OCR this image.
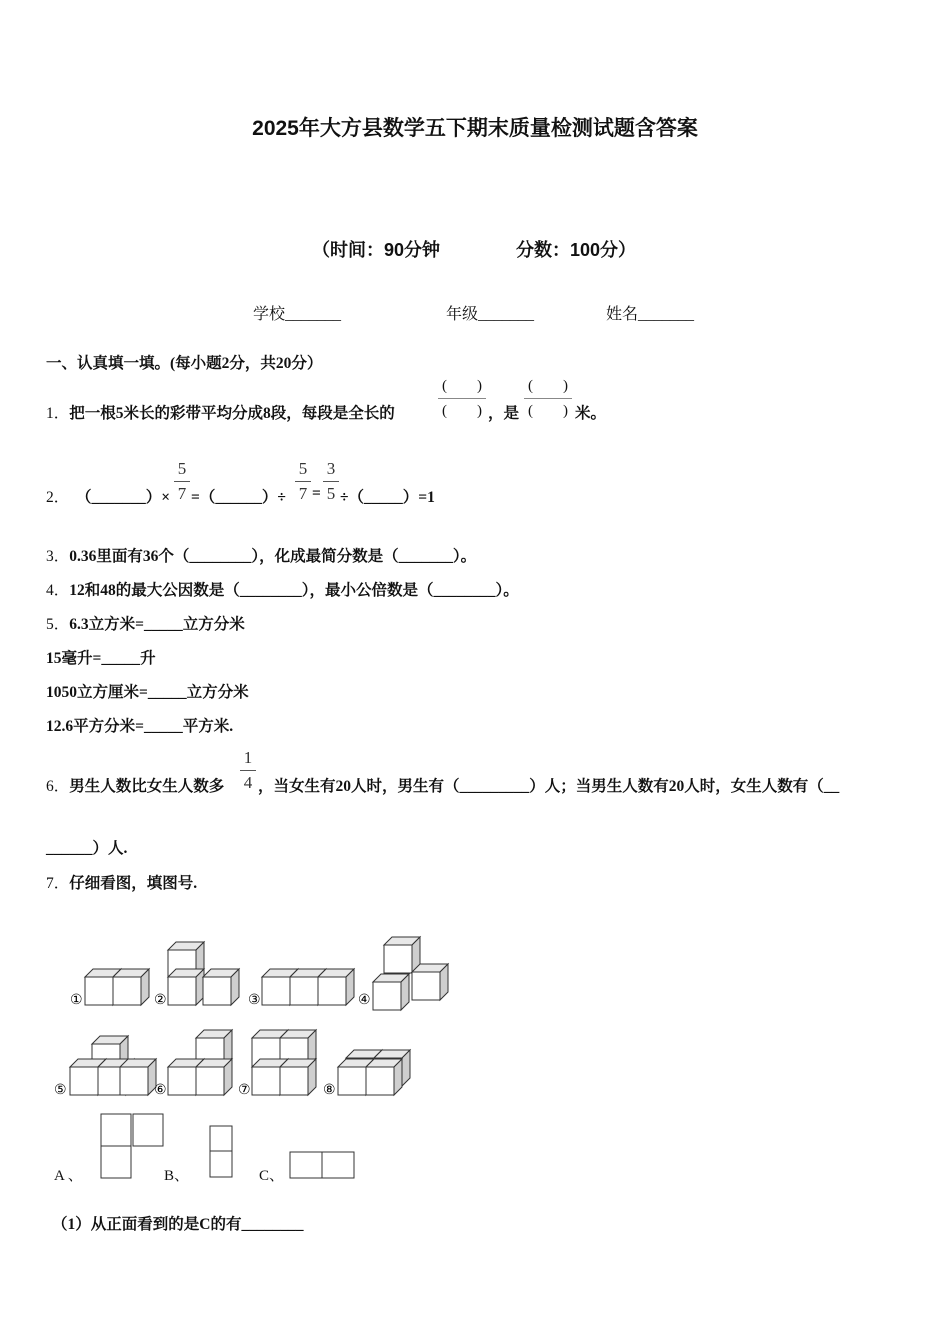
2025年大方县数学五下期末质量检测试题含答案
（时间：90分钟	分数：100分）
学校_______	年级_______	姓名_______
一、认真填一填。(每小题2分，共20分）
1．把一根5米长的彩带平均分成8段，每段是全长的
(　　)
(　　) ，是
(　　)
(　　) 米。
2． （_______）×
5
7 =（______）÷
5
7 =
3
5 ÷（_____）=1
3．0.36里面有36个（________），化成最简分数是（_______）。
4．12和48的最大公因数是（________），最小公倍数是（________）。
5．6.3立方米=_____立方分米
15毫升=_____升
1050立方厘米=_____立方分米
12.6平方分米=_____平方米.
6．男生人数比女生人数多
1
4 ，当女生有20人时，男生有（_________）人；当男生人数有20人时，女生人数有（__
______）人.
7．仔细看图，填图号.
①	②	③	④
⑤	⑥	⑦	⑧
A 、	B、	C、
（1）从正面看到的是C的有________
